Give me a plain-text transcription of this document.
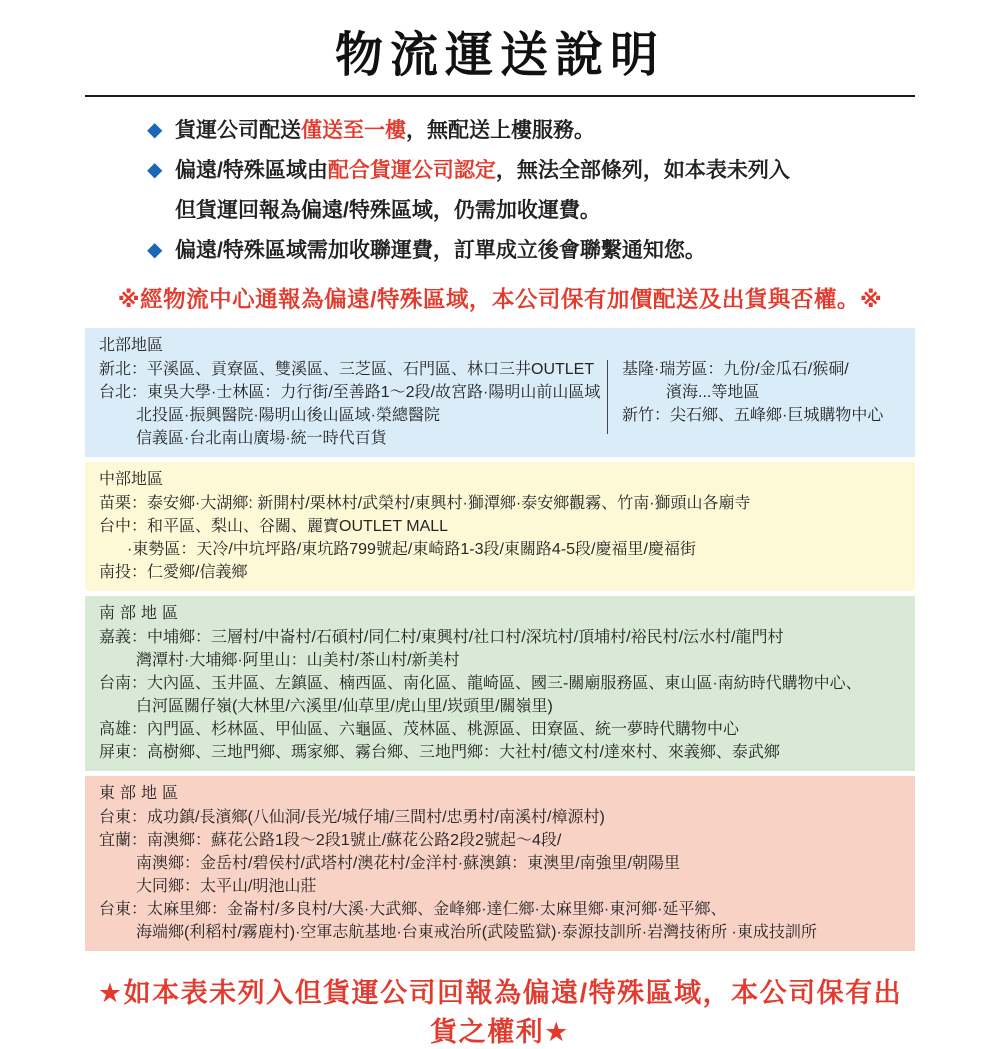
物流運送說明
◆ 貨運公司配送僅送至一樓，無配送上樓服務。
◆ 偏遠/特殊區域由配合貨運公司認定，無法全部條列，如本表未列入
但貨運回報為偏遠/特殊區域，仍需加收運費。
◆ 偏遠/特殊區域需加收聯運費，訂單成立後會聯繫通知您。
※經物流中心通報為偏遠/特殊區域，本公司保有加價配送及出貨與否權。※
北部地區
新北：平溪區、貢寮區、雙溪區、三芝區、石門區、林口三井OUTLET
台北：東吳大學·士林區：力行街/至善路1～2段/故宮路·陽明山前山區域
北投區·振興醫院·陽明山後山區域·榮總醫院
信義區·台北南山廣場·統一時代百貨
基隆·瑞芳區：九份/金瓜石/猴硐/
濱海...等地區
新竹：尖石鄉、五峰鄉·巨城購物中心
中部地區
苗栗：泰安鄉·大湖鄉: 新開村/栗林村/武榮村/東興村·獅潭鄉·泰安鄉觀霧、竹南·獅頭山各廟寺
台中：和平區、梨山、谷關、麗寶OUTLET MALL
·東勢區：天冷/中坑坪路/東坑路799號起/東崎路1-3段/東關路4-5段/慶福里/慶福街
南投：仁愛鄉/信義鄉
南部地區
嘉義：中埔鄉：三層村/中崙村/石碩村/同仁村/東興村/社口村/深坑村/頂埔村/裕民村/沄水村/龍門村
灣潭村·大埔鄉·阿里山：山美村/茶山村/新美村
台南：大內區、玉井區、左鎮區、楠西區、南化區、龍崎區、國三-關廟服務區、東山區·南紡時代購物中心、
白河區關仔嶺(大林里/六溪里/仙草里/虎山里/崁頭里/關嶺里)
高雄：內門區、杉林區、甲仙區、六龜區、茂林區、桃源區、田寮區、統一夢時代購物中心
屏東：高樹鄉、三地門鄉、瑪家鄉、霧台鄉、三地門鄉：大社村/德文村/達來村、來義鄉、泰武鄉
東部地區
台東：成功鎮/長濱鄉(八仙洞/長光/城仔埔/三間村/忠勇村/南溪村/樟源村)
宜蘭：南澳鄉：蘇花公路1段～2段1號止/蘇花公路2段2號起～4段/
南澳鄉：金岳村/碧侯村/武塔村/澳花村/金洋村·蘇澳鎮：東澳里/南強里/朝陽里
大同鄉：太平山/明池山莊
台東：太麻里鄉：金崙村/多良村/大溪·大武鄉、金峰鄉·達仁鄉·太麻里鄉·東河鄉·延平鄉、
海端鄉(利稻村/霧鹿村)·空軍志航基地·台東戒治所(武陵監獄)·泰源技訓所·岩灣技術所 ·東成技訓所
★如本表未列入但貨運公司回報為偏遠/特殊區域，本公司保有出貨之權利★
